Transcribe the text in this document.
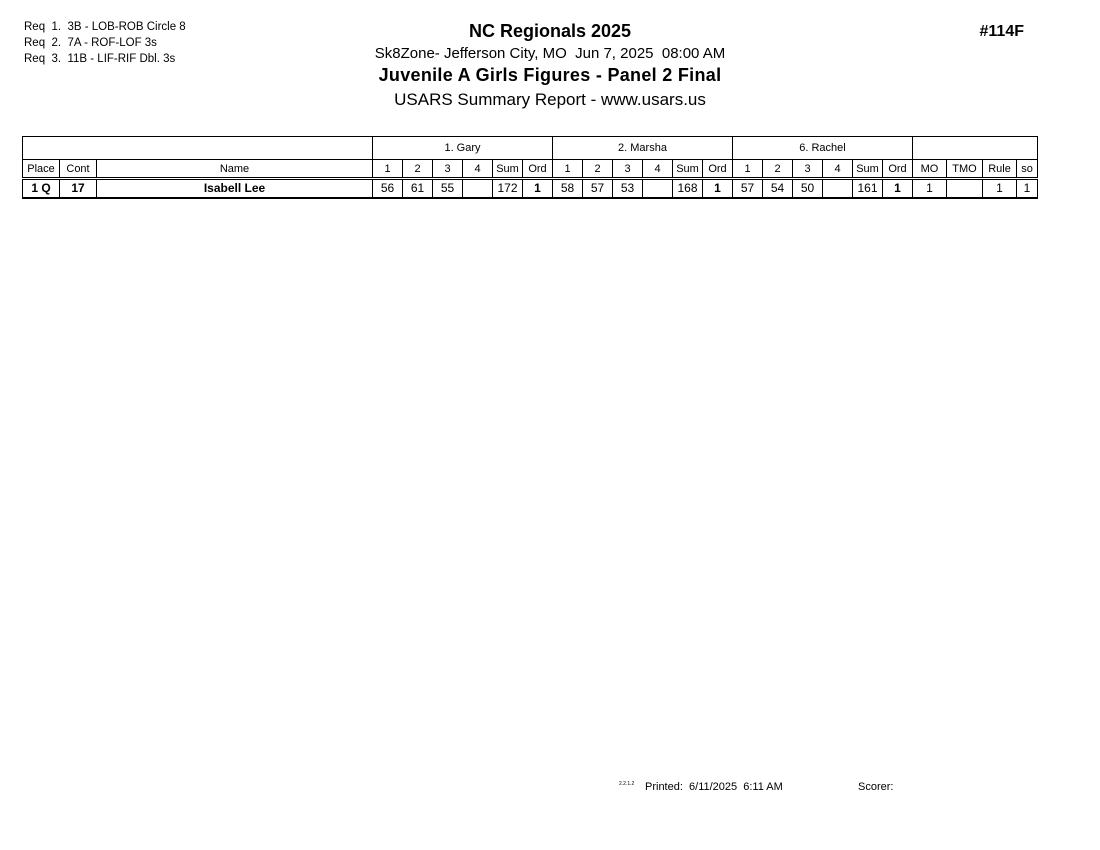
Req  1.  3B - LOB-ROB Circle 8
Req  2.  7A - ROF-LOF 3s
Req  3.  11B - LIF-RIF Dbl. 3s
NC Regionals 2025
Sk8Zone- Jefferson City, MO  Jun 7, 2025  08:00 AM
Juvenile A Girls Figures - Panel 2 Final
USARS Summary Report - www.usars.us
#114F
			1. Gary						2. Marsha						6. Rachel									
Place	Cont	Name	1	2	3	4	Sum	Ord	1	2	3	4	Sum	Ord	1	2	3	4	Sum	Ord	MO	TMO	Rule	so
1 Q	17	Isabell Lee	56	61	55		172	1	58	57	53		168	1	57	54	50		161	1	1		1	1
2.2.1.2 Printed:  6/11/2025  6:11 AM	Scorer:
